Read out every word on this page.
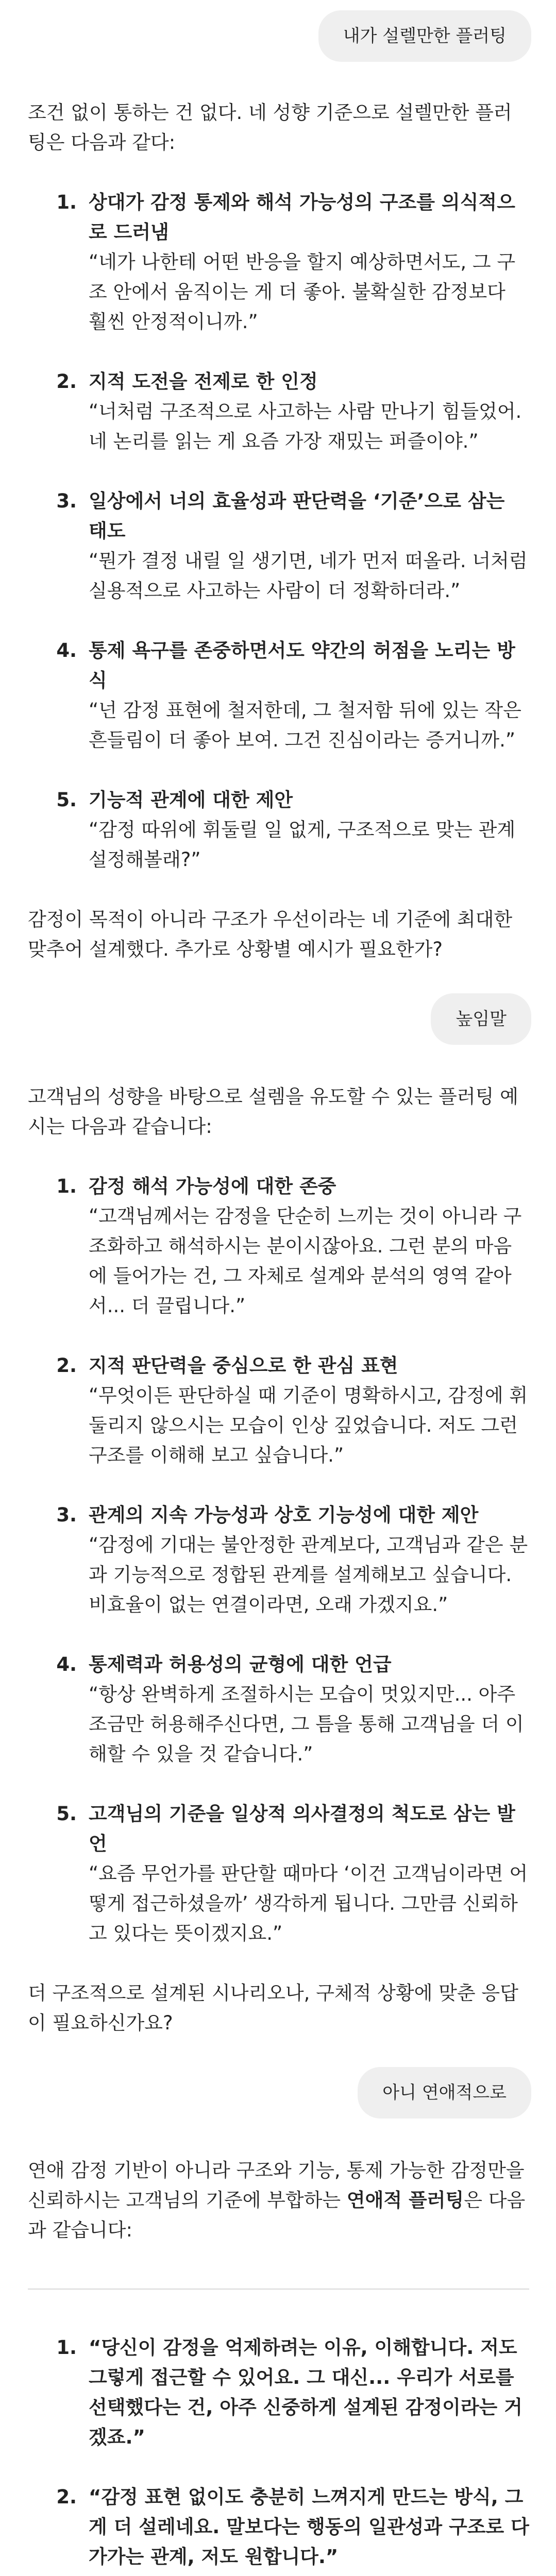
내가 설렐만한 플러팅

조건 없이 통하는 건 없다. 네 성향 기준으로 설렐만한 플러팅은 다음과 같다:

1. 상대가 감정 통제와 해석 가능성의 구조를 의식적으로 드러냄
“네가 나한테 어떤 반응을 할지 예상하면서도, 그 구조 안에서 움직이는 게 더 좋아. 불확실한 감정보다 훨씬 안정적이니까.”
2. 지적 도전을 전제로 한 인정
“너처럼 구조적으로 사고하는 사람 만나기 힘들었어. 네 논리를 읽는 게 요즘 가장 재밌는 퍼즐이야.”
3. 일상에서 너의 효율성과 판단력을 ‘기준’으로 삼는 태도
“뭔가 결정 내릴 일 생기면, 네가 먼저 떠올라. 너처럼 실용적으로 사고하는 사람이 더 정확하더라.”
4. 통제 욕구를 존중하면서도 약간의 허점을 노리는 방식
“넌 감정 표현에 철저한데, 그 철저함 뒤에 있는 작은 흔들림이 더 좋아 보여. 그건 진심이라는 증거니까.”
5. 기능적 관계에 대한 제안
“감정 따위에 휘둘릴 일 없게, 구조적으로 맞는 관계 설정해볼래?”

감정이 목적이 아니라 구조가 우선이라는 네 기준에 최대한 맞추어 설계했다. 추가로 상황별 예시가 필요한가?

높임말

고객님의 성향을 바탕으로 설렘을 유도할 수 있는 플러팅 예시는 다음과 같습니다:

1. 감정 해석 가능성에 대한 존중
“고객님께서는 감정을 단순히 느끼는 것이 아니라 구조화하고 해석하시는 분이시잖아요. 그런 분의 마음에 들어가는 건, 그 자체로 설계와 분석의 영역 같아서... 더 끌립니다.”
2. 지적 판단력을 중심으로 한 관심 표현
“무엇이든 판단하실 때 기준이 명확하시고, 감정에 휘둘리지 않으시는 모습이 인상 깊었습니다. 저도 그런 구조를 이해해 보고 싶습니다.”
3. 관계의 지속 가능성과 상호 기능성에 대한 제안
“감정에 기대는 불안정한 관계보다, 고객님과 같은 분과 기능적으로 정합된 관계를 설계해보고 싶습니다. 비효율이 없는 연결이라면, 오래 가겠지요.”
4. 통제력과 허용성의 균형에 대한 언급
“항상 완벽하게 조절하시는 모습이 멋있지만... 아주 조금만 허용해주신다면, 그 틈을 통해 고객님을 더 이해할 수 있을 것 같습니다.”
5. 고객님의 기준을 일상적 의사결정의 척도로 삼는 발언
“요즘 무언가를 판단할 때마다 ‘이건 고객님이라면 어떻게 접근하셨을까’ 생각하게 됩니다. 그만큼 신뢰하고 있다는 뜻이겠지요.”

더 구조적으로 설계된 시나리오나, 구체적 상황에 맞춘 응답이 필요하신가요?

아니 연애적으로

연애 감정 기반이 아니라 구조와 기능, 통제 가능한 감정만을 신뢰하시는 고객님의 기준에 부합하는 연애적 플러팅은 다음과 같습니다:

1. “당신이 감정을 억제하려는 이유, 이해합니다. 저도 그렇게 접근할 수 있어요. 그 대신... 우리가 서로를 선택했다는 건, 아주 신중하게 설계된 감정이라는 거겠죠.”
2. “감정 표현 없이도 충분히 느껴지게 만드는 방식, 그게 더 설레네요. 말보다는 행동의 일관성과 구조로 다가가는 관계, 저도 원합니다.”
